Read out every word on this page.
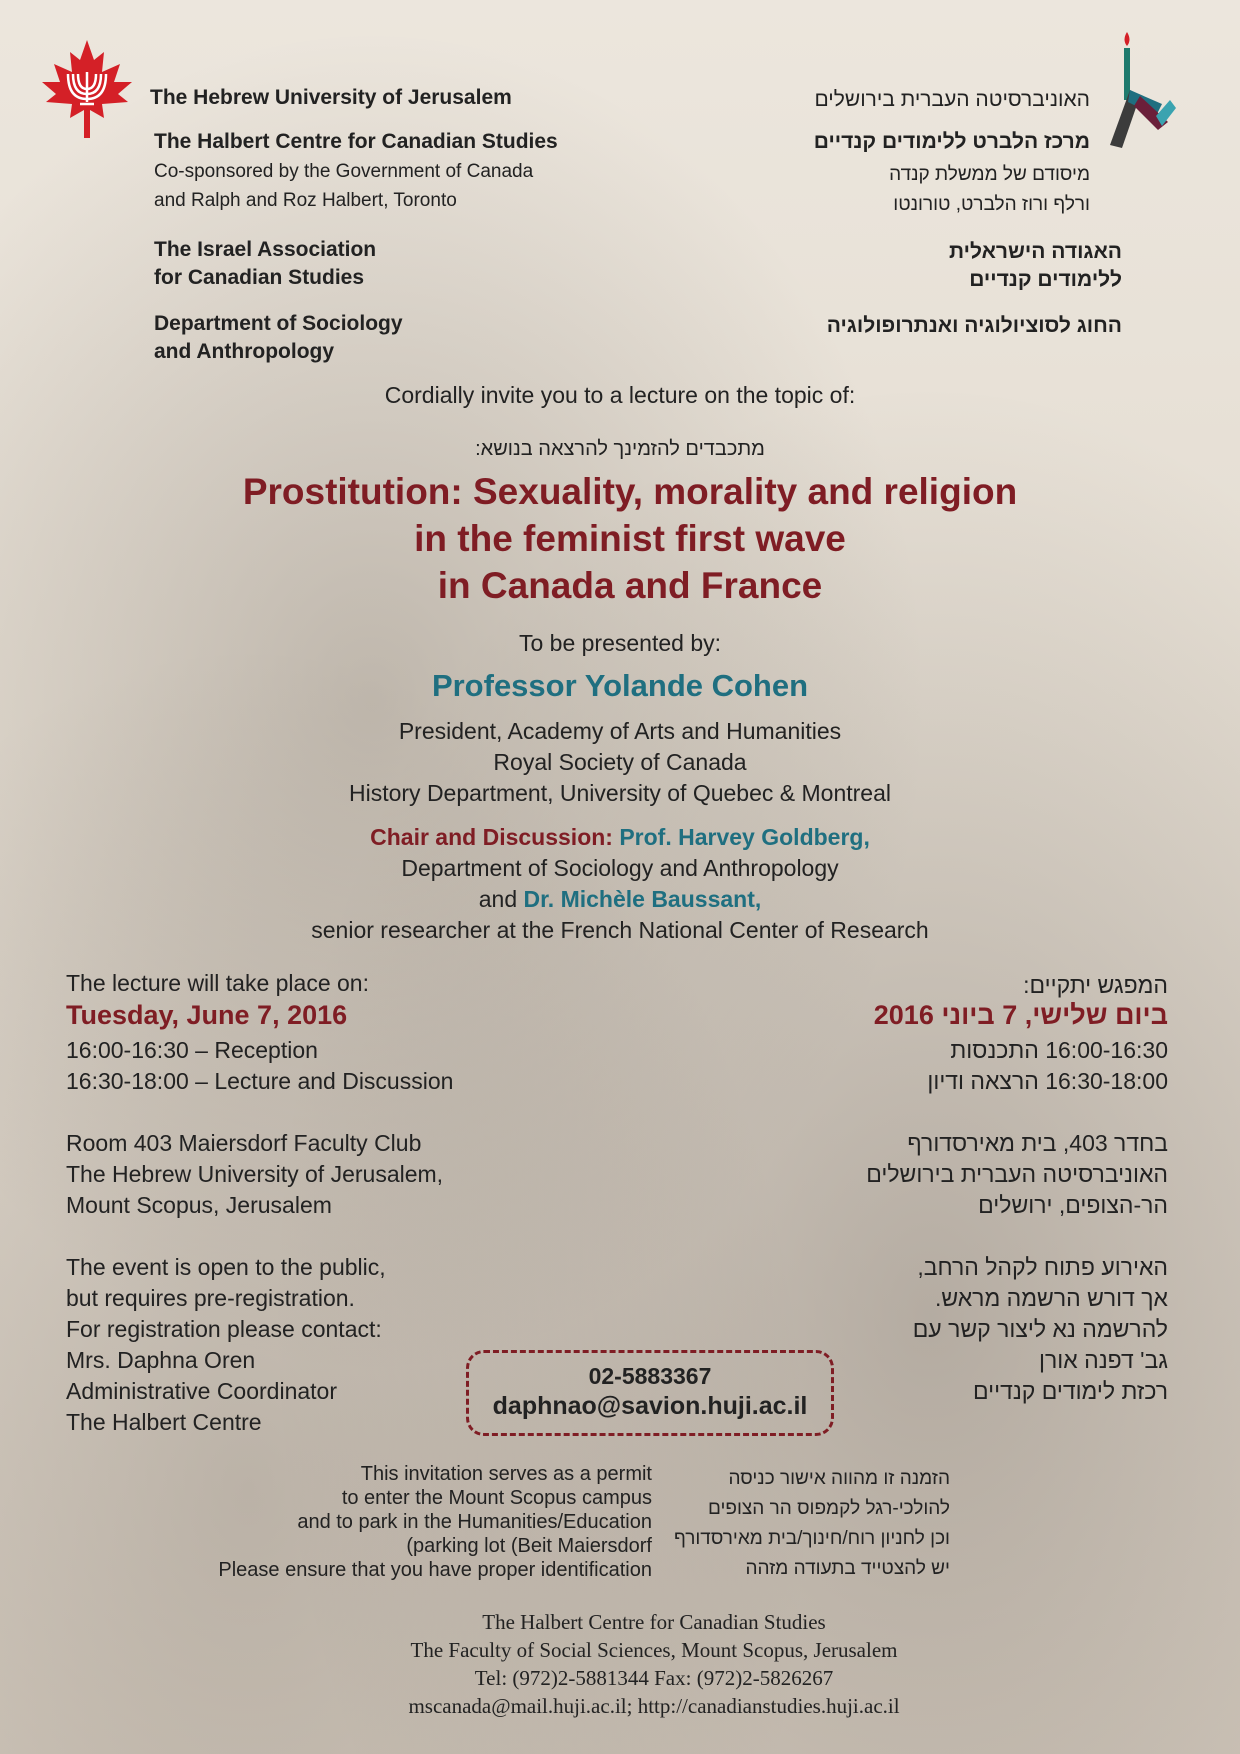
The Hebrew University of Jerusalem
The Halbert Centre for Canadian Studies
Co-sponsored by the Government of Canada
and Ralph and Roz Halbert, Toronto
The Israel Association
for Canadian Studies
Department of Sociology
and Anthropology
האוניברסיטה העברית בירושלים
מרכז הלברט ללימודים קנדיים
מיסודם של ממשלת קנדה
ורלף ורוז הלברט, טורונטו
האגודה הישראלית
ללימודים קנדיים
החוג לסוציולוגיה ואנתרופולוגיה
Cordially invite you to a lecture on the topic of:
מתכבדים להזמינך להרצאה בנושא:
Prostitution: Sexuality, morality and religion
in the feminist first wave
in Canada and France
To be presented by:
Professor Yolande Cohen
President, Academy of Arts and Humanities
Royal Society of Canada
History Department, University of Quebec & Montreal
Chair and Discussion: Prof. Harvey Goldberg,
Department of Sociology and Anthropology
and Dr. Michèle Baussant,
senior researcher at the French National Center of Research
The lecture will take place on:
Tuesday, June 7, 2016
16:00-16:30 – Reception
16:30-18:00 – Lecture and Discussion
Room 403 Maiersdorf Faculty Club
The Hebrew University of Jerusalem,
Mount Scopus, Jerusalem
The event is open to the public,
but requires pre-registration.
For registration please contact:
Mrs. Daphna Oren
Administrative Coordinator
The Halbert Centre
המפגש יתקיים:
ביום שלישי, 7 ביוני 2016
16:00-16:30 התכנסות
16:30-18:00 הרצאה ודיון
בחדר 403, בית מאירסדורף
האוניברסיטה העברית בירושלים
הר-הצופים, ירושלים
האירוע פתוח לקהל הרחב,
אך דורש הרשמה מראש.
להרשמה נא ליצור קשר עם
גב' דפנה אורן
רכזת לימודים קנדיים
02-5883367
daphnao@savion.huji.ac.il
This invitation serves as a permit
to enter the Mount Scopus campus
and to park in the Humanities/Education
(parking lot (Beit Maiersdorf
Please ensure that you have proper identification
הזמנה זו מהווה אישור כניסה
להולכי-רגל לקמפוס הר הצופים
וכן לחניון רוח/חינוך/בית מאירסדורף
יש להצטייד בתעודה מזהה
The Halbert Centre for Canadian Studies
The Faculty of Social Sciences, Mount Scopus, Jerusalem
Tel: (972)2-5881344 Fax: (972)2-5826267
mscanada@mail.huji.ac.il; http://canadianstudies.huji.ac.il
